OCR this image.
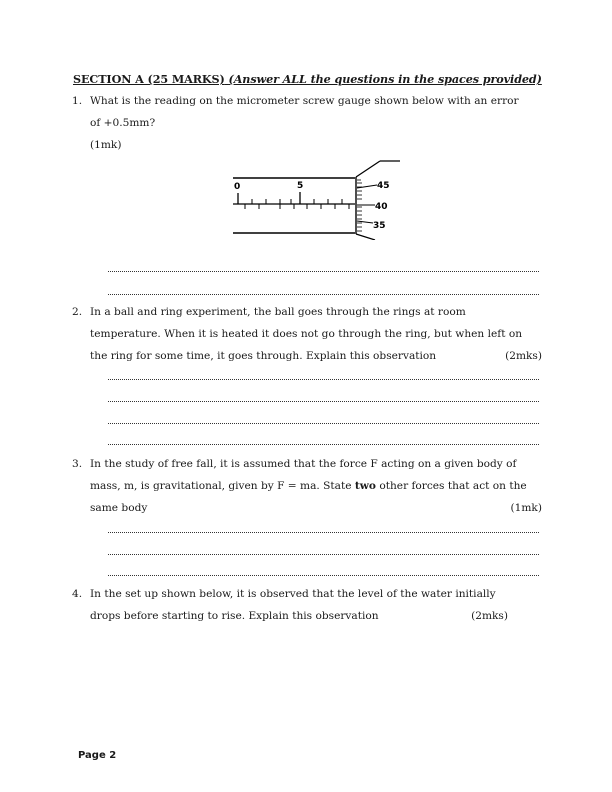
SECTION A (25 MARKS) (Answer ALL the questions in the spaces provided)
1. What is the reading on the micrometer screw gauge shown below with an error
of +0.5mm?
(1mk)
0	5	45
40
35
2. In a ball and ring experiment, the ball goes through the rings at room
temperature. When it is heated it does not go through the ring, but when left on
the ring for some time, it goes through. Explain this observation	(2mks)
3. In the study of free fall, it is assumed that the force F acting on a given body of
mass, m, is gravitational, given by F = ma. State two other forces that act on the
same body	(1mk)
4. In the set up shown below, it is observed that the level of the water initially
drops before starting to rise. Explain this observation	(2mks)
Page 2
